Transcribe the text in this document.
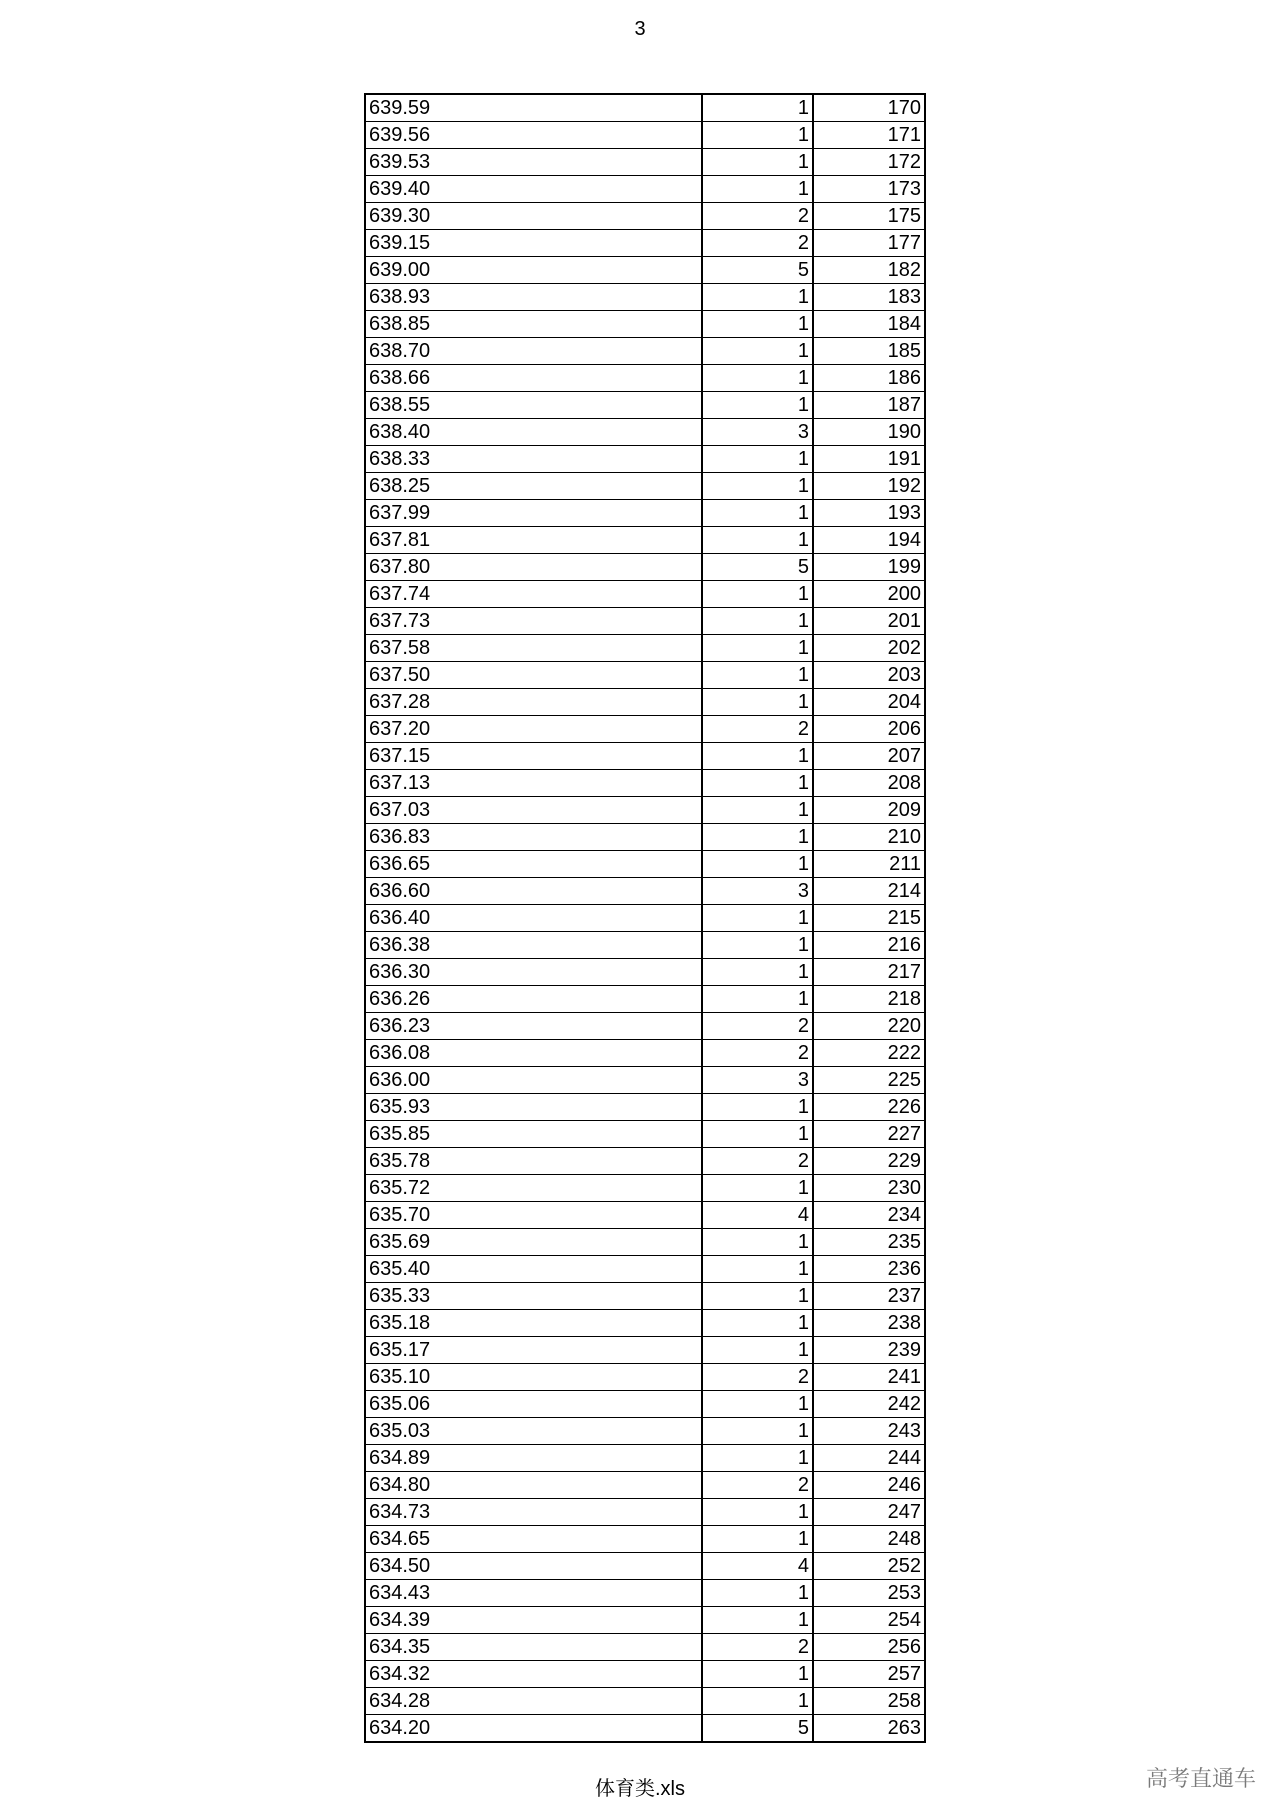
3
639.59	1	170
639.56	1	171
639.53	1	172
639.40	1	173
639.30	2	175
639.15	2	177
639.00	5	182
638.93	1	183
638.85	1	184
638.70	1	185
638.66	1	186
638.55	1	187
638.40	3	190
638.33	1	191
638.25	1	192
637.99	1	193
637.81	1	194
637.80	5	199
637.74	1	200
637.73	1	201
637.58	1	202
637.50	1	203
637.28	1	204
637.20	2	206
637.15	1	207
637.13	1	208
637.03	1	209
636.83	1	210
636.65	1	211
636.60	3	214
636.40	1	215
636.38	1	216
636.30	1	217
636.26	1	218
636.23	2	220
636.08	2	222
636.00	3	225
635.93	1	226
635.85	1	227
635.78	2	229
635.72	1	230
635.70	4	234
635.69	1	235
635.40	1	236
635.33	1	237
635.18	1	238
635.17	1	239
635.10	2	241
635.06	1	242
635.03	1	243
634.89	1	244
634.80	2	246
634.73	1	247
634.65	1	248
634.50	4	252
634.43	1	253
634.39	1	254
634.35	2	256
634.32	1	257
634.28	1	258
634.20	5	263
体育类.xls	高考直通车
